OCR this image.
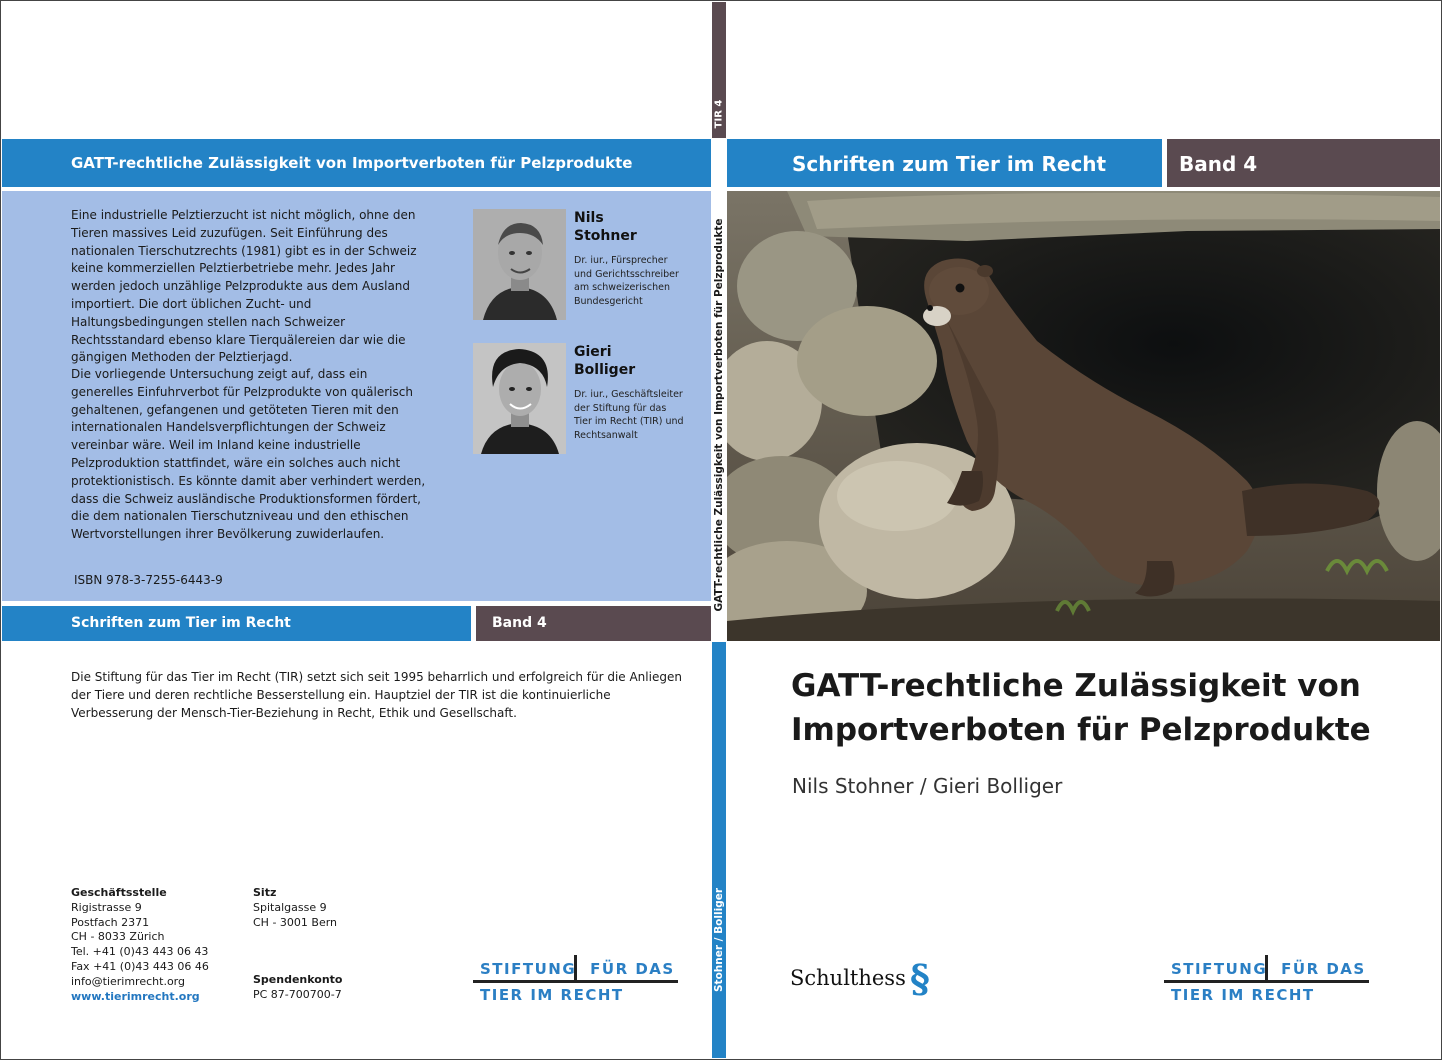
GATT-rechtliche Zulässigkeit von Importverboten für Pelzprodukte

Eine industrielle Pelztierzucht ist nicht möglich, ohne den Tieren massives Leid zuzufügen. Seit Einführung des nationalen Tierschutzrechts (1981) gibt es in der Schweiz keine kommerziellen Pelztierbetriebe mehr. Jedes Jahr werden jedoch unzählige Pelzprodukte aus dem Ausland importiert. Die dort üblichen Zucht- und Haltungsbedingungen stellen nach Schweizer Rechtsstandard ebenso klare Tierquälereien dar wie die gängigen Methoden der Pelztierjagd.

Die vorliegende Untersuchung zeigt auf, dass ein generelles Einfuhrverbot für Pelzprodukte von quälerisch gehaltenen, gefangenen und getöteten Tieren mit den internationalen Handelsverpflichtungen der Schweiz vereinbar wäre. Weil im Inland keine industrielle Pelzproduktion stattfindet, wäre ein solches auch nicht protektionistisch. Es könnte damit aber verhindert werden, dass die Schweiz ausländische Produktionsformen fördert, die dem nationalen Tierschutzniveau und den ethischen Wertvorstellungen ihrer Bevölkerung zuwiderlaufen.

ISBN 978-3-7255-6443-9
Nils
Stohner
Dr. iur., Fürsprecher und Gerichtsschreiber am schweizerischen Bundesgericht
Gieri
Bolliger
Dr. iur., Geschäftsleiter der Stiftung für das Tier im Recht (TIR) und Rechtsanwalt
Schriften zum Tier im Recht	Band 4

Die Stiftung für das Tier im Recht (TIR) setzt sich seit 1995 beharrlich und erfolgreich für die Anliegen der Tiere und deren rechtliche Besserstellung ein. Hauptziel der TIR ist die kontinuierliche Verbesserung der Mensch-Tier-Beziehung in Recht, Ethik und Gesellschaft.

Geschäftsstelle
Rigistrasse 9
Postfach 2371
CH - 8033 Zürich
Tel. +41 (0)43 443 06 43
Fax +41 (0)43 443 06 46
info@tierimrecht.org
www.tierimrecht.org
Sitz
Spitalgasse 9
CH - 3001 Bern
Spendenkonto
PC 87-700700-7
STIFTUNG FÜR DAS
TIER IM RECHT
TIR 4
GATT-rechtliche Zulässigkeit von Importverboten für Pelzprodukte
Stohner / Bolliger
Schriften zum Tier im Recht	Band 4
GATT-rechtliche Zulässigkeit von
Importverboten für Pelzprodukte
Nils Stohner / Gieri Bolliger
Schulthess §	STIFTUNG FÜR DAS
TIER IM RECHT
